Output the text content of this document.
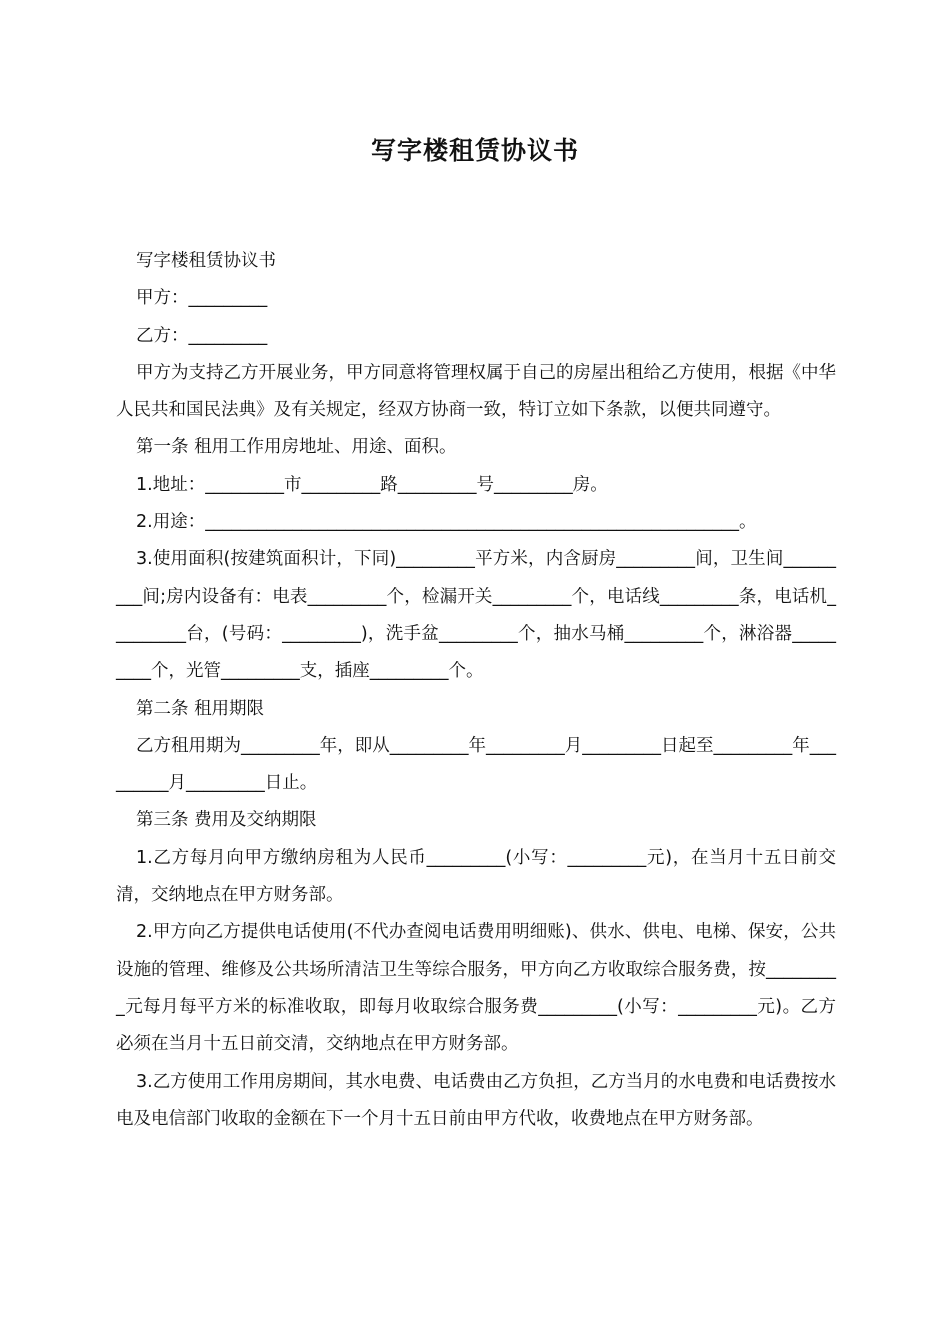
写字楼租赁协议书

写字楼租赁协议书

甲方：_________

乙方：_________

甲方为支持乙方开展业务，甲方同意将管理权属于自己的房屋出租给乙方使用，根据《中华人民共和国民法典》及有关规定，经双方协商一致，特订立如下条款，以便共同遵守。

第一条 租用工作用房地址、用途、面积。

1.地址：_________市_________路_________号_________房。

2.用途：_____________________________________________________________。

3.使用面积(按建筑面积计，下同)_________平方米，内含厨房_________间，卫生间_________间;房内设备有：电表_________个，检漏开关_________个，电话线_________条，电话机_________台，(号码：_________)，洗手盆_________个，抽水马桶_________个，淋浴器_________个，光管_________支，插座_________个。

第二条 租用期限

乙方租用期为_________年，即从_________年_________月_________日起至_________年_________月_________日止。

第三条 费用及交纳期限

1.乙方每月向甲方缴纳房租为人民币_________(小写：_________元)，在当月十五日前交清，交纳地点在甲方财务部。

2.甲方向乙方提供电话使用(不代办查阅电话费用明细账)、供水、供电、电梯、保安，公共设施的管理、维修及公共场所清洁卫生等综合服务，甲方向乙方收取综合服务费，按_________元每月每平方米的标准收取，即每月收取综合服务费_________(小写：_________元)。乙方必须在当月十五日前交清，交纳地点在甲方财务部。

3.乙方使用工作用房期间，其水电费、电话费由乙方负担，乙方当月的水电费和电话费按水电及电信部门收取的金额在下一个月十五日前由甲方代收，收费地点在甲方财务部。
